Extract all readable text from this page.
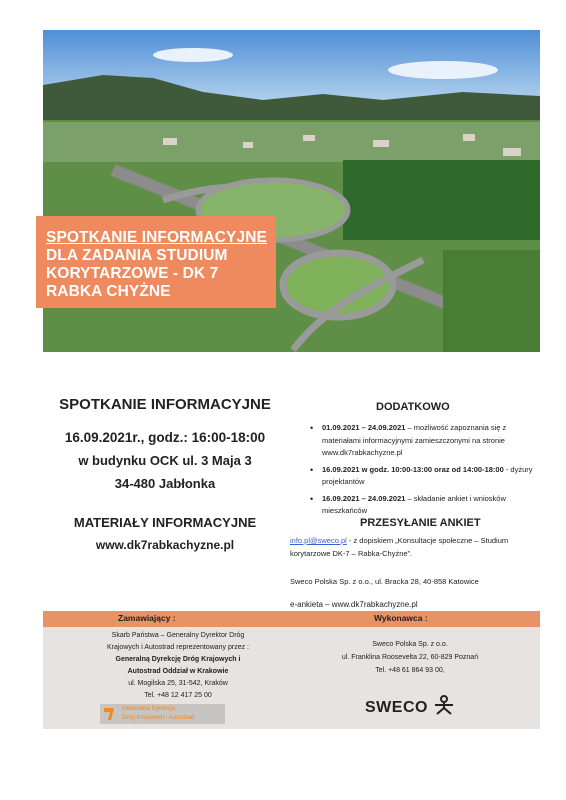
SPOTKANIE INFORMACYJNE
DLA ZADANIA STUDIUM
KORYTARZOWE - DK 7
RABKA CHYŻNE
SPOTKANIE INFORMACYJNE
16.09.2021r., godz.: 16:00-18:00
w budynku OCK ul. 3 Maja 3
34-480 Jabłonka
MATERIAŁY INFORMACYJNE
www.dk7rabkachyzne.pl
DODATKOWO
• 01.09.2021 – 24.09.2021 – możliwość zapoznania się z materiałami informacyjnymi zamieszczonymi na stronie www.dk7rabkachyzne.pl
• 16.09.2021 w godz. 10:00-13:00 oraz od 14:00-18:00 - dyżury projektantów
• 16.09.2021 – 24.09.2021 – składanie ankiet i wniosków mieszkańców
PRZESYŁANIE ANKIET
info.pl@sweco.pl - z dopiskiem „Konsultacje społeczne – Studium korytarzowe DK-7 – Rabka-Chyżne”.
Sweco Polska Sp. z o.o., ul. Bracka 28, 40-858 Katowice
e-ankieta – www.dk7rabkachyzne.pl
Zamawiający :	Wykonawca :
Skarb Państwa – Generalny Dyrektor Dróg
Krajowych i Autostrad reprezentowany przez :
Generalną Dyrekcję Dróg Krajowych i
Autostrad Oddział w Krakowie
ul. Mogilska 25, 31-542, Kraków
Tel. +48 12 417 25 00
Generalna Dyrekcja
Dróg Krajowych i Autostrad
Sweco Polska Sp. z o.o.
ul. Franklina Roosevelta 22, 60-829 Poznań
Tel. +48 61 864 93 00,
SWECO
